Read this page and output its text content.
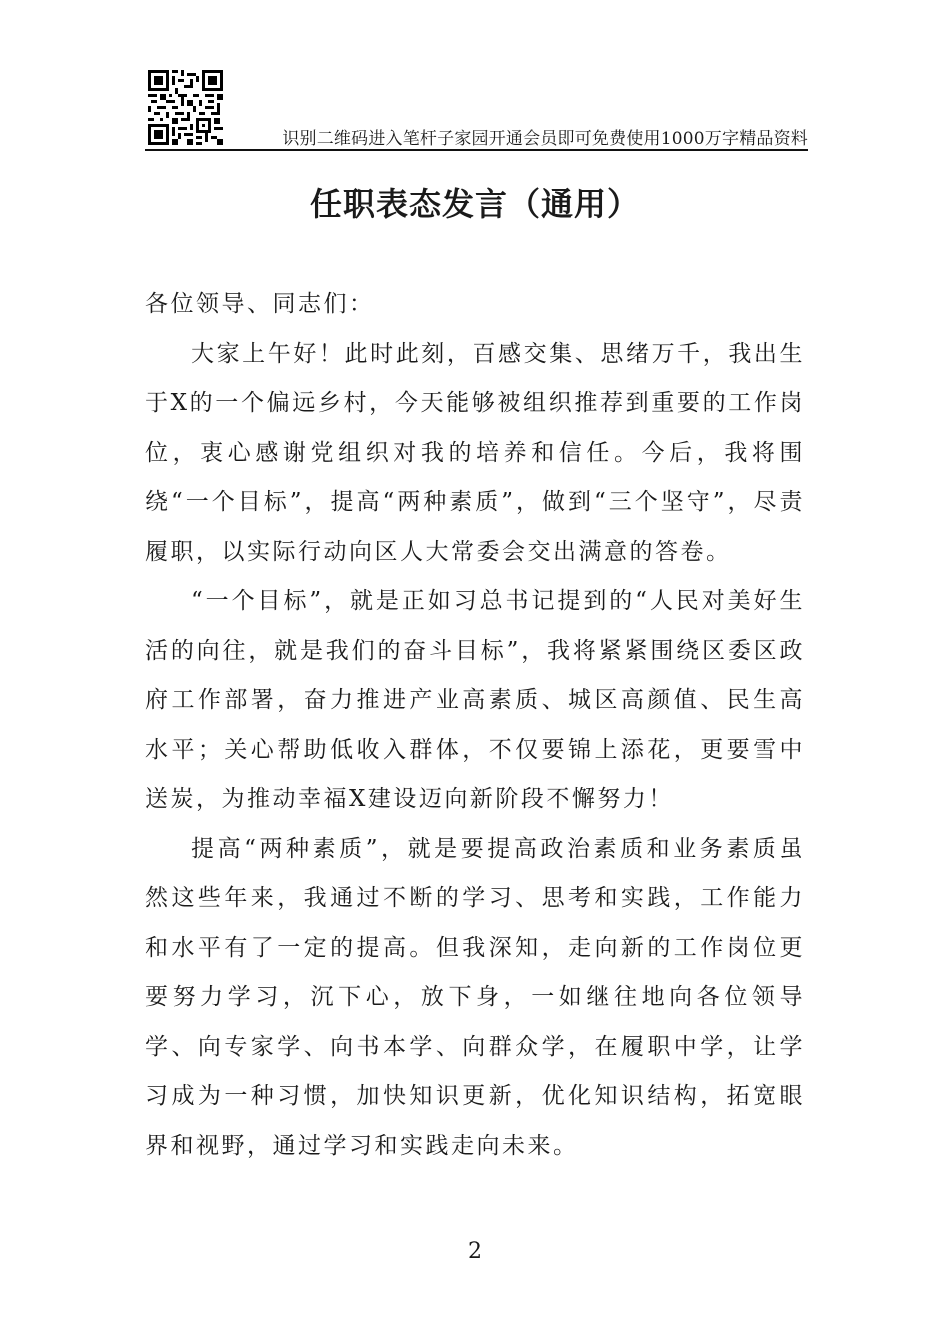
识别二维码进入笔杆子家园开通会员即可免费使用1000万字精品资料
任职表态发言（通用）

各位领导、同志们：

大家上午好！此时此刻，百感交集、思绪万千，我出生于X的一个偏远乡村，今天能够被组织推荐到重要的工作岗位，衷心感谢党组织对我的培养和信任。今后，我将围绕“一个目标”，提高“两种素质”，做到“三个坚守”，尽责履职，以实际行动向区人大常委会交出满意的答卷。

“一个目标”，就是正如习总书记提到的“人民对美好生活的向往，就是我们的奋斗目标”，我将紧紧围绕区委区政府工作部署，奋力推进产业高素质、城区高颜值、民生高水平；关心帮助低收入群体，不仅要锦上添花，更要雪中送炭，为推动幸福X建设迈向新阶段不懈努力！

提高“两种素质”，就是要提高政治素质和业务素质虽然这些年来，我通过不断的学习、思考和实践，工作能力和水平有了一定的提高。但我深知，走向新的工作岗位更要努力学习，沉下心，放下身，一如继往地向各位领导学、向专家学、向书本学、向群众学，在履职中学，让学习成为一种习惯，加快知识更新，优化知识结构，拓宽眼界和视野，通过学习和实践走向未来。

2
